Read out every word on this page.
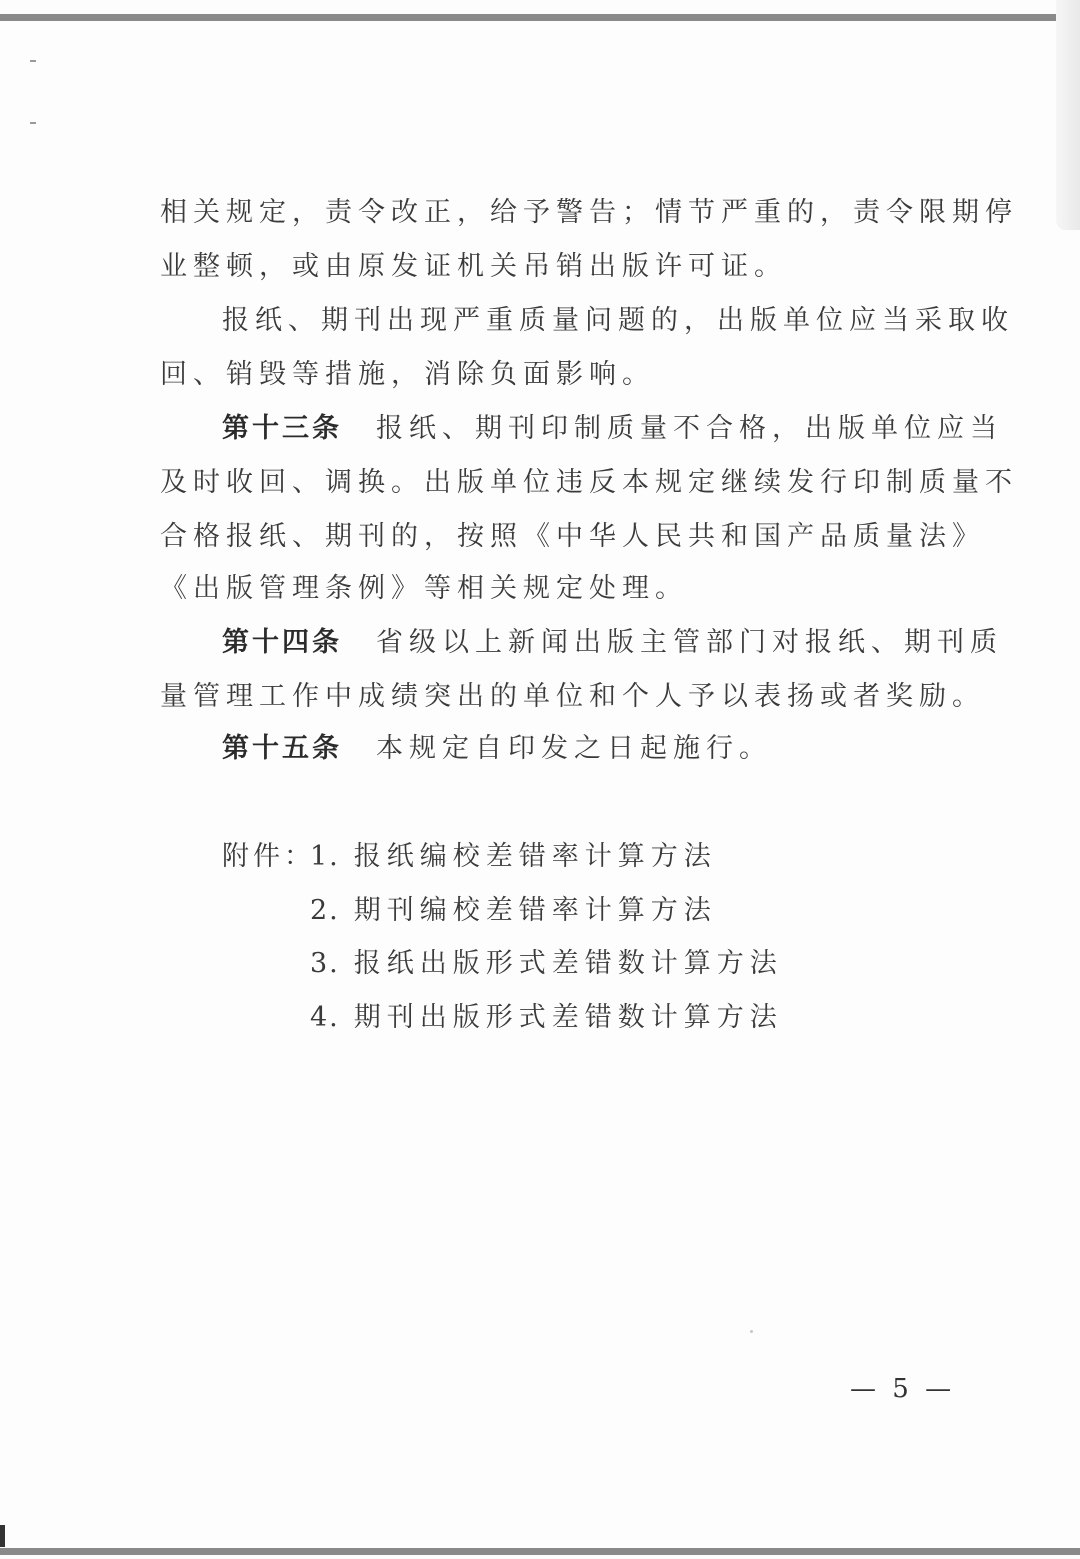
相关规定，责令改正，给予警告；情节严重的，责令限期停
业整顿，或由原发证机关吊销出版许可证。
报纸、期刊出现严重质量问题的，出版单位应当采取收
回、销毁等措施，消除负面影响。
第十三条 报纸、期刊印制质量不合格，出版单位应当
及时收回、调换。出版单位违反本规定继续发行印制质量不
合格报纸、期刊的，按照《中华人民共和国产品质量法》
《出版管理条例》等相关规定处理。
第十四条 省级以上新闻出版主管部门对报纸、期刊质
量管理工作中成绩突出的单位和个人予以表扬或者奖励。
第十五条 本规定自印发之日起施行。
附件：
1. 报纸编校差错率计算方法
2. 期刊编校差错率计算方法
3. 报纸出版形式差错数计算方法
4. 期刊出版形式差错数计算方法
— 5 —
